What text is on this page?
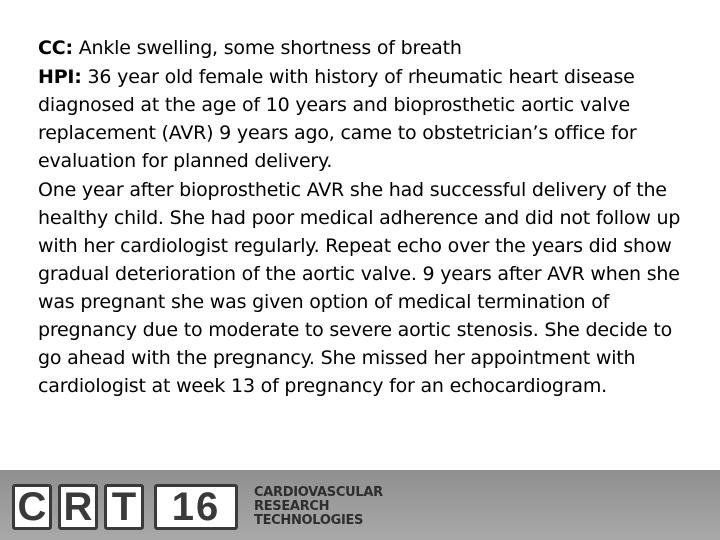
CC: Ankle swelling, some shortness of breath

HPI: 36 year old female with history of rheumatic heart disease diagnosed at the age of 10 years and bioprosthetic aortic valve replacement (AVR) 9 years ago, came to obstetrician’s office for evaluation for planned delivery.

One year after bioprosthetic AVR she had successful delivery of the healthy child. She had poor medical adherence and did not follow up with her cardiologist regularly. Repeat echo over the years did show gradual deterioration of the aortic valve. 9 years after AVR when she was pregnant she was given option of medical termination of pregnancy due to moderate to severe aortic stenosis. She decide to go ahead with the pregnancy. She missed her appointment with cardiologist at week 13 of pregnancy for an echocardiogram.

C R T 16	CARDIOVASCULAR
RESEARCH
TECHNOLOGIES
